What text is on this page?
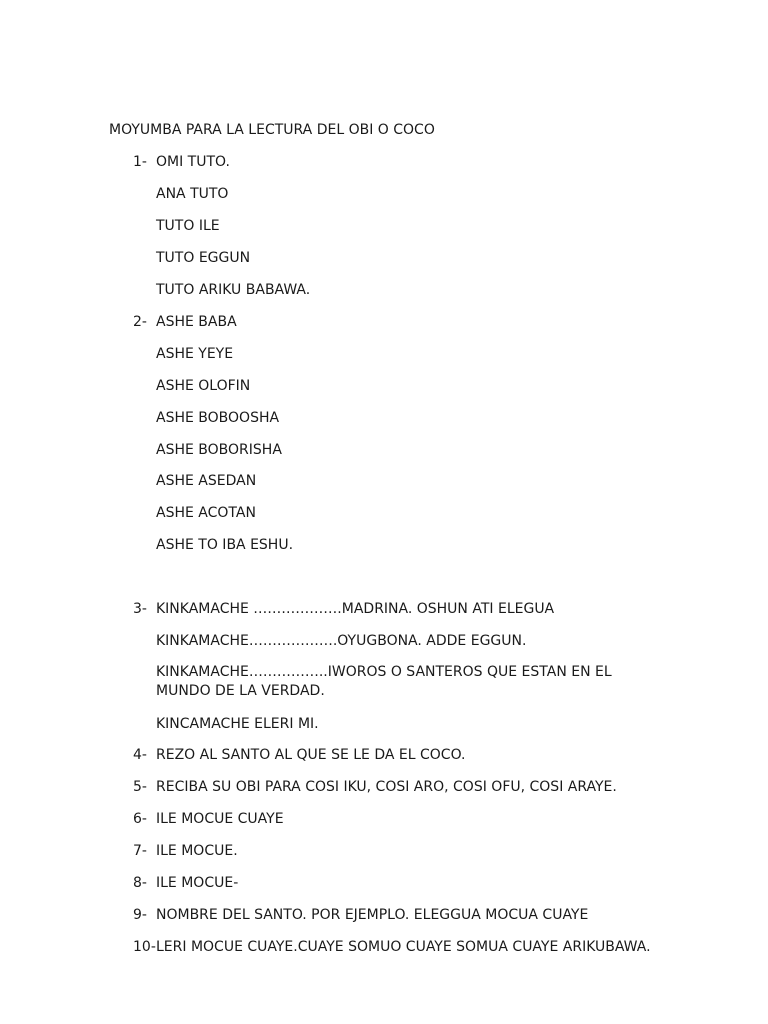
MOYUMBA PARA LA LECTURA DEL OBI O COCO
1- OMI TUTO.
ANA TUTO
TUTO ILE
TUTO EGGUN
TUTO ARIKU BABAWA.
2- ASHE BABA
ASHE YEYE
ASHE OLOFIN
ASHE BOBOOSHA
ASHE BOBORISHA
ASHE ASEDAN
ASHE ACOTAN
ASHE TO IBA ESHU.
3- KINKAMACHE ……………….MADRINA. OSHUN ATI ELEGUA
KINKAMACHE……………….OYUGBONA. ADDE EGGUN.
KINKAMACHE……………..IWOROS O SANTEROS QUE ESTAN EN EL MUNDO DE LA VERDAD.
KINCAMACHE ELERI MI.
4- REZO AL SANTO AL QUE SE LE DA EL COCO.
5- RECIBA SU OBI PARA COSI IKU, COSI ARO, COSI OFU, COSI ARAYE.
6- ILE MOCUE CUAYE
7- ILE MOCUE.
8- ILE MOCUE-
9- NOMBRE DEL SANTO. POR EJEMPLO. ELEGGUA MOCUA CUAYE
10- LERI MOCUE CUAYE.CUAYE SOMUO CUAYE SOMUA CUAYE ARIKUBAWA.
